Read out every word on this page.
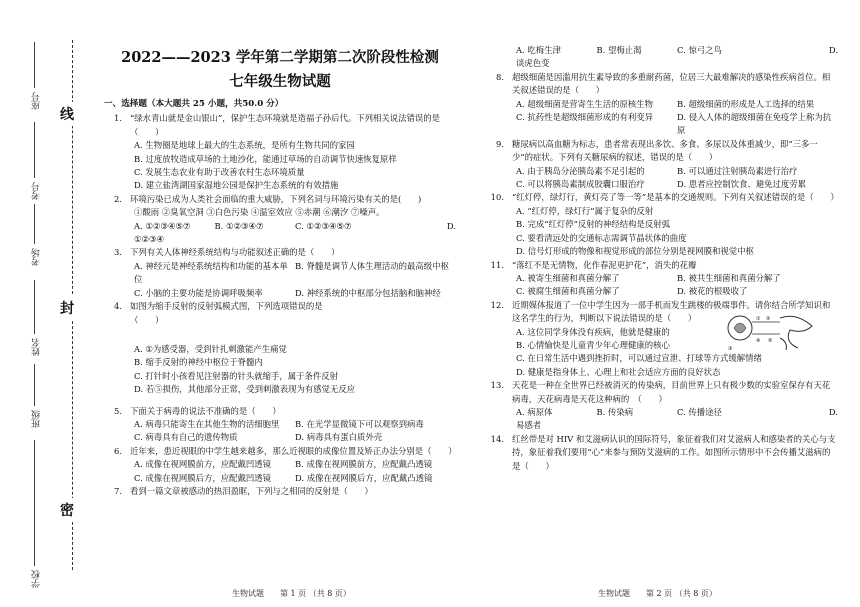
座号
考号
考场
姓名
班级
学校
线
封
密
2022——2023 学年第二学期第二次阶段性检测
七年级生物试题
一、选择题（本大题共 25 小题，共50.0 分）
1. “绿水青山就是金山银山”，保护生态环境就是造福子孙后代。下列相关说法错误的是（　　）
A. 生物圈是地球上最大的生态系统，是所有生物共同的家园
B. 过度放牧造成草场的土地沙化，能通过草场的自动调节快速恢复原样
C. 发展生态农业有助于改善农村生态环境质量
D. 建立盐湾湖国家湿地公园是保护生态系统的有效措施
2. 环境污染已成为人类社会面临的重大威胁，下列名词与环境污染有关的是(　　)
①酸雨 ②臭氧空洞 ③白色污染 ④温室效应 ⑤赤潮 ⑥潮汐 ⑦噪声。
A. ①②③④⑤⑦	B. ①②③④⑦	C. ①②③④⑤⑦	D.
①②③④
3. 下列有关人体神经系统结构与功能叙述正确的是（　　）
A. 神经元是神经系统结构和功能的基本单位
B. 脊髓是调节人体生理活动的最高级中枢
C. 小脑的主要功能是协调呼吸频率	D. 神经系统的中枢部分包括脑和脑神经
4. 如图为缩手反射的反射弧模式图，下列选项错误的是（　　）
A. ①为感受器，受到针扎刺激能产生痛觉
B. 缩手反射的神经中枢位于脊髓内
C. 打针时小孩看见注射器的针头就缩手，属于条件反射
D. 若⑤损伤，其他部分正常，受到刺激表现为有感觉无反应
5. 下面关于病毒的说法不准确的是（　　）
A. 病毒只能寄生在其他生物的活细胞里	B. 在光学显微镜下可以观察到病毒
C. 病毒具有自己的遗传物质	D. 病毒具有蛋白质外壳
6. 近年来，患近视眼的中学生越来越多，那么近视眼的成像位置及矫正办法分别是（　　）
A. 成像在视网膜前方，应配戴凹透镜	B. 成像在视网膜前方，应配戴凸透镜
C. 成像在视网膜后方，应配戴凹透镜	D. 成像在视网膜后方，应配戴凸透镜
7. 看到一篇文章被感动的热泪盈眶，下列与之相同的反射是（　　）
① ②
④ ⑤
③
A. 吃梅生津	B. 望梅止渴	C. 惊弓之鸟	D.
谈虎色变
8. 超级细菌是因滥用抗生素导致的多重耐药菌，位居三大最难解决的感染性疾病首位。相关叙述错误的是（　　）
A. 超级细菌是营寄生生活的原核生物	B. 超级细菌的形成是人工选择的结果
C. 抗药性是超级细菌形成的有利变异	D. 侵入人体的超级细菌在免疫学上称为抗原
9. 糖尿病以高血糖为标志，患者常表现出多饮、多食、多尿以及体重减少，即“三多一少”的症状。下列有关糖尿病的叙述，错误的是（　　）
A. 由于胰岛分泌胰岛素不足引起的	B. 可以通过注射胰岛素进行治疗
C. 可以将胰岛素制成胶囊口服治疗	D. 患者应控制饮食、避免过度劳累
10. “红灯停，绿灯行，黄灯亮了等一等”是基本的交通规则。下列有关叙述错误的是（　　）
A. “红灯停，绿灯行”属于复杂的反射
B. 完成“红灯停”反射的神经结构是反射弧
C. 要看清远处的交通标志需调节晶状体的曲度
D. 信号灯形成的物像和视觉形成的部位分别是视网膜和视觉中枢
11. “落红不是无情物，化作春泥更护花”，消失的花瓣
A. 被寄生细菌和真菌分解了	B. 被共生细菌和真菌分解了
C. 被腐生细菌和真菌分解了	D. 被花的根吸收了
12. 近期媒体报道了一位中学生因为一部手机而发生跳楼的极端事件。请你结合所学知识和这名学生的行为，判断以下说法错误的是（　　）
A. 这位同学身体没有疾病，他就是健康的
B. 心情愉快是儿童青少年心理健康的核心
C. 在日常生活中遇到挫折时，可以通过宣泄、打球等方式缓解情绪
D. 健康是指身体上、心理上和社会适应方面的良好状态
13. 天花是一种在全世界已经被消灭的传染病，目前世界上只有极少数的实验室保存有天花病毒，天花病毒是天花这种病的　（　　）
A. 病原体	B. 传染病	C. 传播途径	D.
易感者
14. 红丝带是对 HIV 和艾滋病认识的国际符号，象征着我们对艾滋病人和感染者的关心与支持，象征着我们要用“心”来参与预防艾滋病的工作。如图所示情形中不会传播艾滋病的是（　　）
生物试题　　第 1 页 （共 8 页）	生物试题　　第 2 页 （共 8 页）
